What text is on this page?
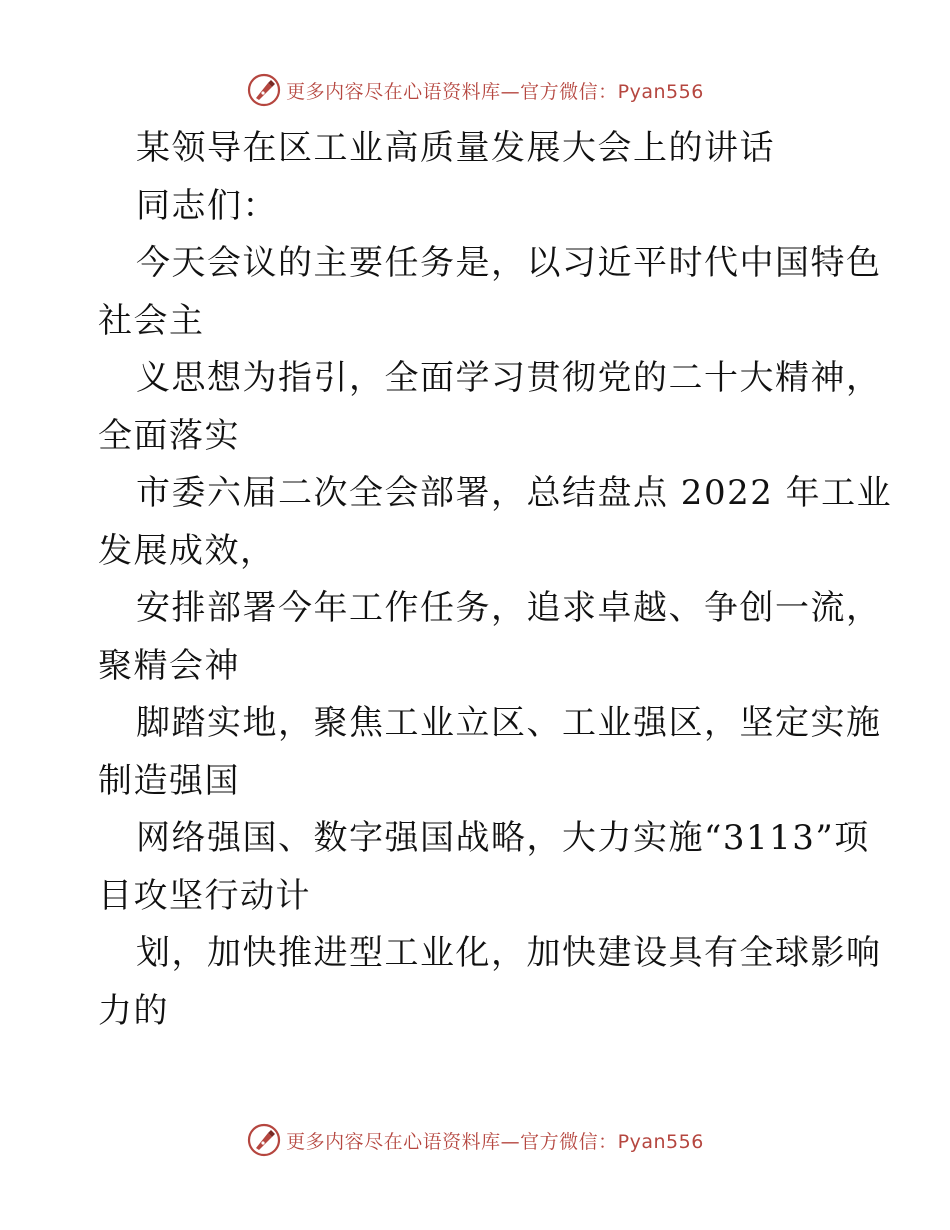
更多内容尽在心语资料库—官方微信：Pyan556
某领导在区工业高质量发展大会上的讲话
同志们：
今天会议的主要任务是，以习近平时代中国特色
社会主
义思想为指引，全面学习贯彻党的二十大精神，
全面落实
市委六届二次全会部署，总结盘点 2022 年工业
发展成效，
安排部署今年工作任务，追求卓越、争创一流，
聚精会神
脚踏实地，聚焦工业立区、工业强区，坚定实施
制造强国
网络强国、数字强国战略，大力实施“3113”项
目攻坚行动计
划，加快推进型工业化，加快建设具有全球影响
力的
更多内容尽在心语资料库—官方微信：Pyan556
